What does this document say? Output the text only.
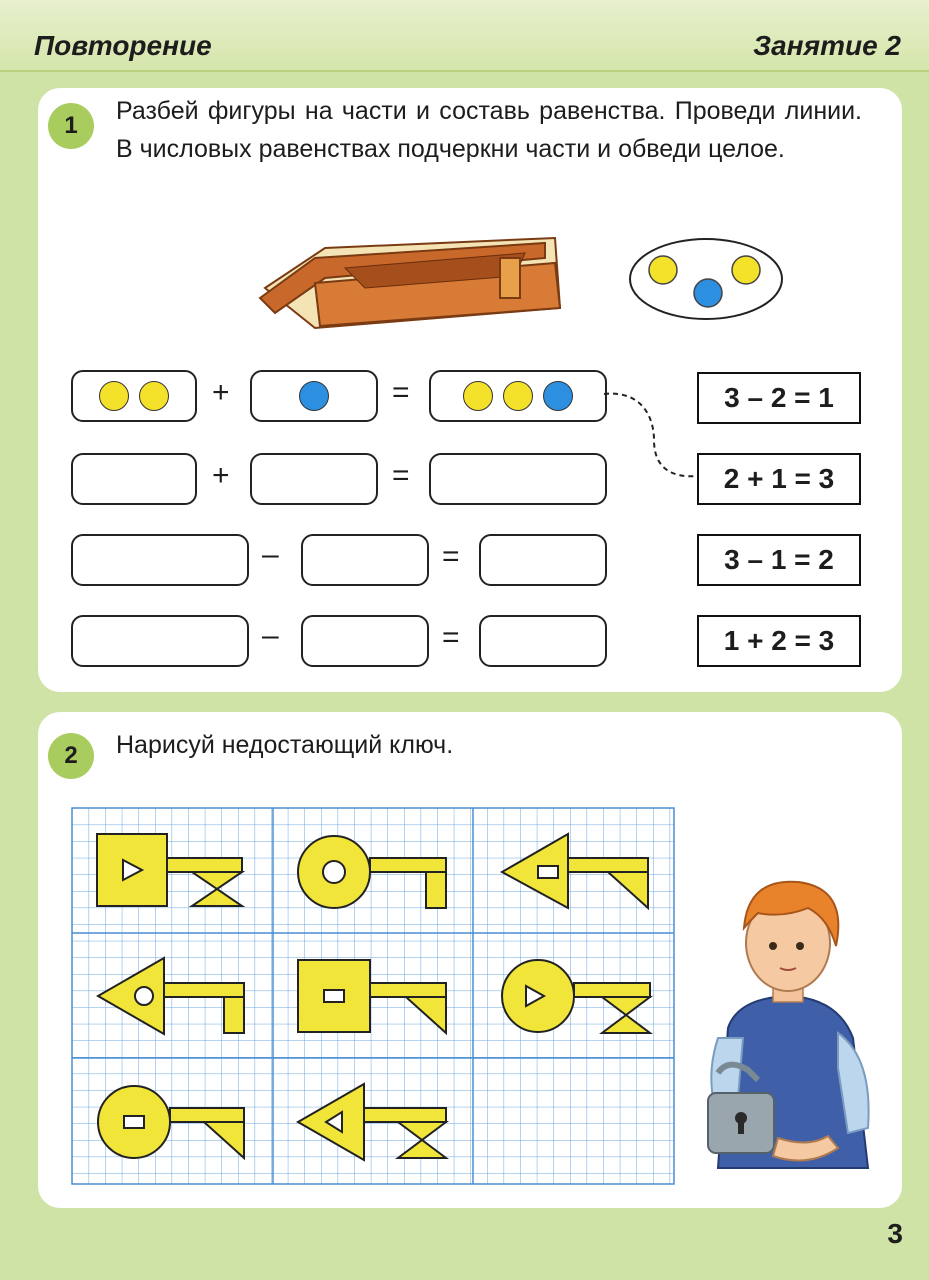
Повторение	Занятие 2
1
Разбей фигуры на части и составь равенства. Проведи линии. В числовых равенствах подчеркни части и обведи целое.
+	=
+	=
–	=
–	=
3 – 2 = 1
2 + 1 = 3
3 – 1 = 2
1 + 2 = 3
2	Нарисуй недостающий ключ.
3
